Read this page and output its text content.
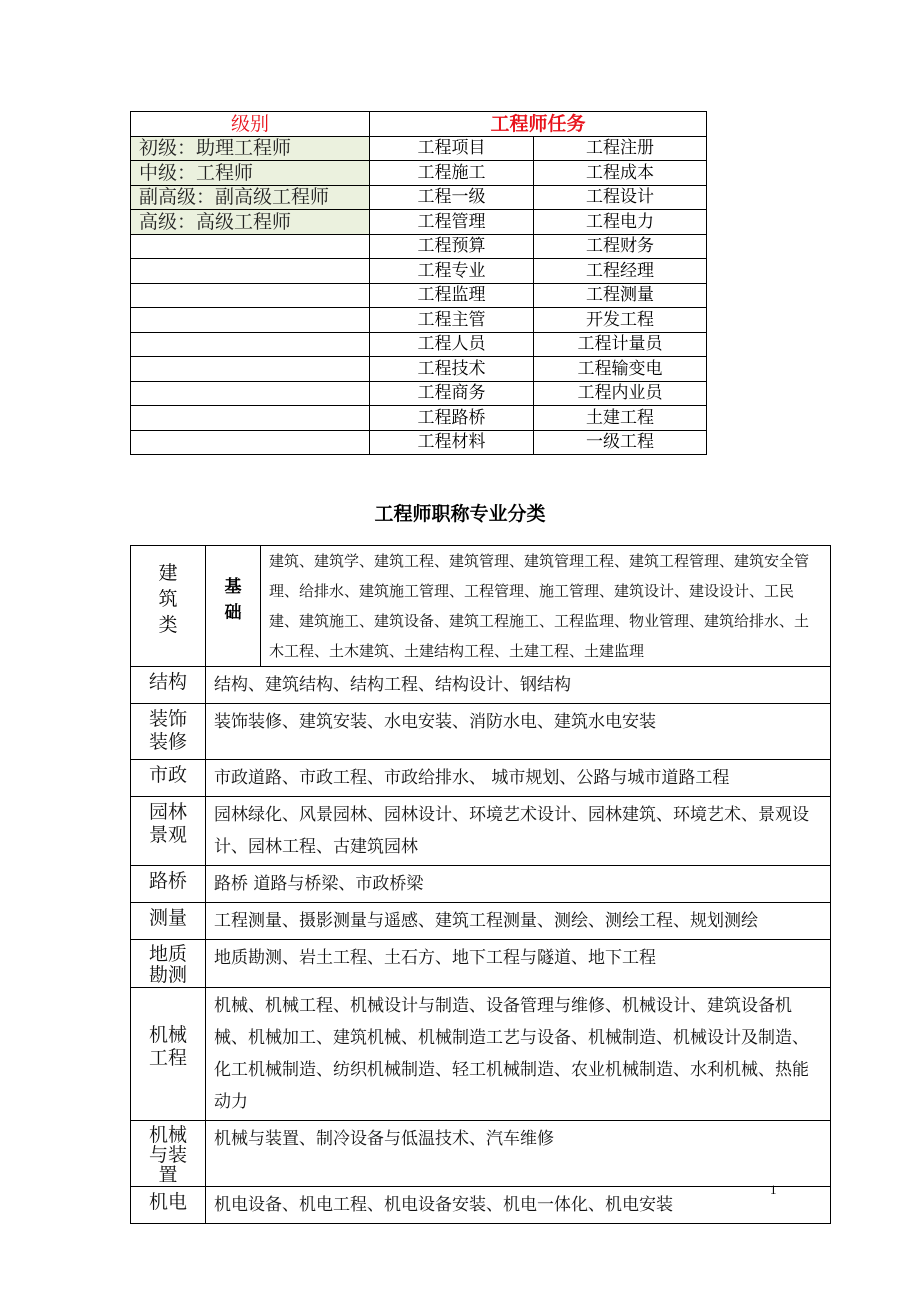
级别	工程师任务	
初级：助理工程师	工程项目	工程注册
中级：工程师	工程施工	工程成本
副高级：副高级工程师	工程一级	工程设计
高级：高级工程师	工程管理	工程电力
	工程预算	工程财务
	工程专业	工程经理
	工程监理	工程测量
	工程主管	开发工程
	工程人员	工程计量员
	工程技术	工程输变电
	工程商务	工程内业员
	工程路桥	土建工程
	工程材料	一级工程
工程师职称专业分类
建筑类	基础	建筑、建筑学、建筑工程、建筑管理、建筑管理工程、建筑工程管理、建筑安全管理、给排水、建筑施工管理、工程管理、施工管理、建筑设计、建设设计、工民建、建筑施工、建筑设备、建筑工程施工、工程监理、物业管理、建筑给排水、土木工程、土木建筑、土建结构工程、土建工程、土建监理
结构	结构、建筑结构、结构工程、结构设计、钢结构	

装饰装修	装饰装修、建筑安装、水电安装、消防水电、建筑水电安装	
市政	市政道路、市政工程、市政给排水、 城市规划、公路与城市道路工程	

园林景观	园林绿化、风景园林、园林设计、环境艺术设计、园林建筑、环境艺术、景观设计、园林工程、古建筑园林	
路桥	路桥 道路与桥梁、市政桥梁	
测量	工程测量、摄影测量与遥感、建筑工程测量、测绘、测绘工程、规划测绘	

地质勘测	地质勘测、岩土工程、土石方、地下工程与隧道、地下工程	

机械工程	机械、机械工程、机械设计与制造、设备管理与维修、机械设计、建筑设备机械、机械加工、建筑机械、机械制造工艺与设备、机械制造、机械设计及制造、化工机械制造、纺织机械制造、轻工机械制造、农业机械制造、水利机械、热能动力	

机械与装置	机械与装置、制冷设备与低温技术、汽车维修	
机电	机电设备、机电工程、机电设备安装、机电一体化、机电安装	
1
